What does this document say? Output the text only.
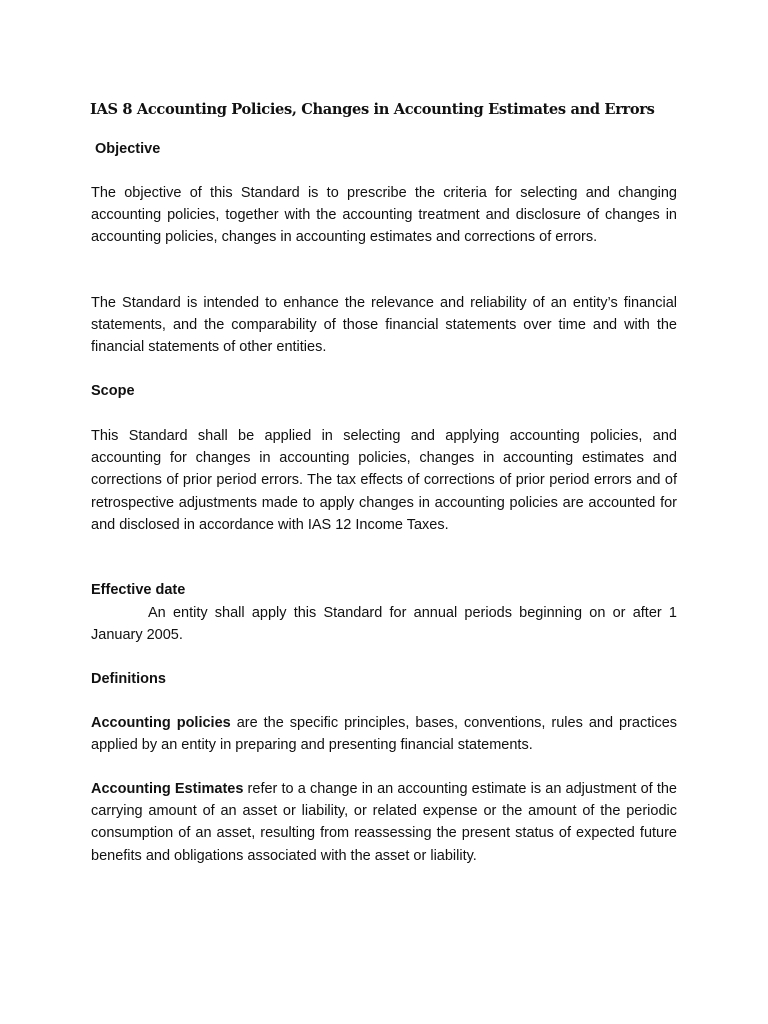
IAS 8 Accounting Policies, Changes in Accounting Estimates and Errors
Objective

The objective of this Standard is to prescribe the criteria for selecting and changing accounting policies, together with the accounting treatment and disclosure of changes in accounting policies, changes in accounting estimates and corrections of errors.

The Standard is intended to enhance the relevance and reliability of an entity’s financial statements, and the comparability of those financial statements over time and with the financial statements of other entities.

Scope

This Standard shall be applied in selecting and applying accounting policies, and accounting for changes in accounting policies, changes in accounting estimates and corrections of prior period errors. The tax effects of corrections of prior period errors and of retrospective adjustments made to apply changes in accounting policies are accounted for and disclosed in accordance with IAS 12 Income Taxes.

Effective date

An entity shall apply this Standard for annual periods beginning on or after 1 January 2005.

Definitions

Accounting policies are the specific principles, bases, conventions, rules and practices applied by an entity in preparing and presenting financial statements.

Accounting Estimates refer to a change in an accounting estimate is an adjustment of the carrying amount of an asset or liability, or related expense or the amount of the periodic consumption of an asset, resulting from reassessing the present status of expected future benefits and obligations associated with the asset or liability.
